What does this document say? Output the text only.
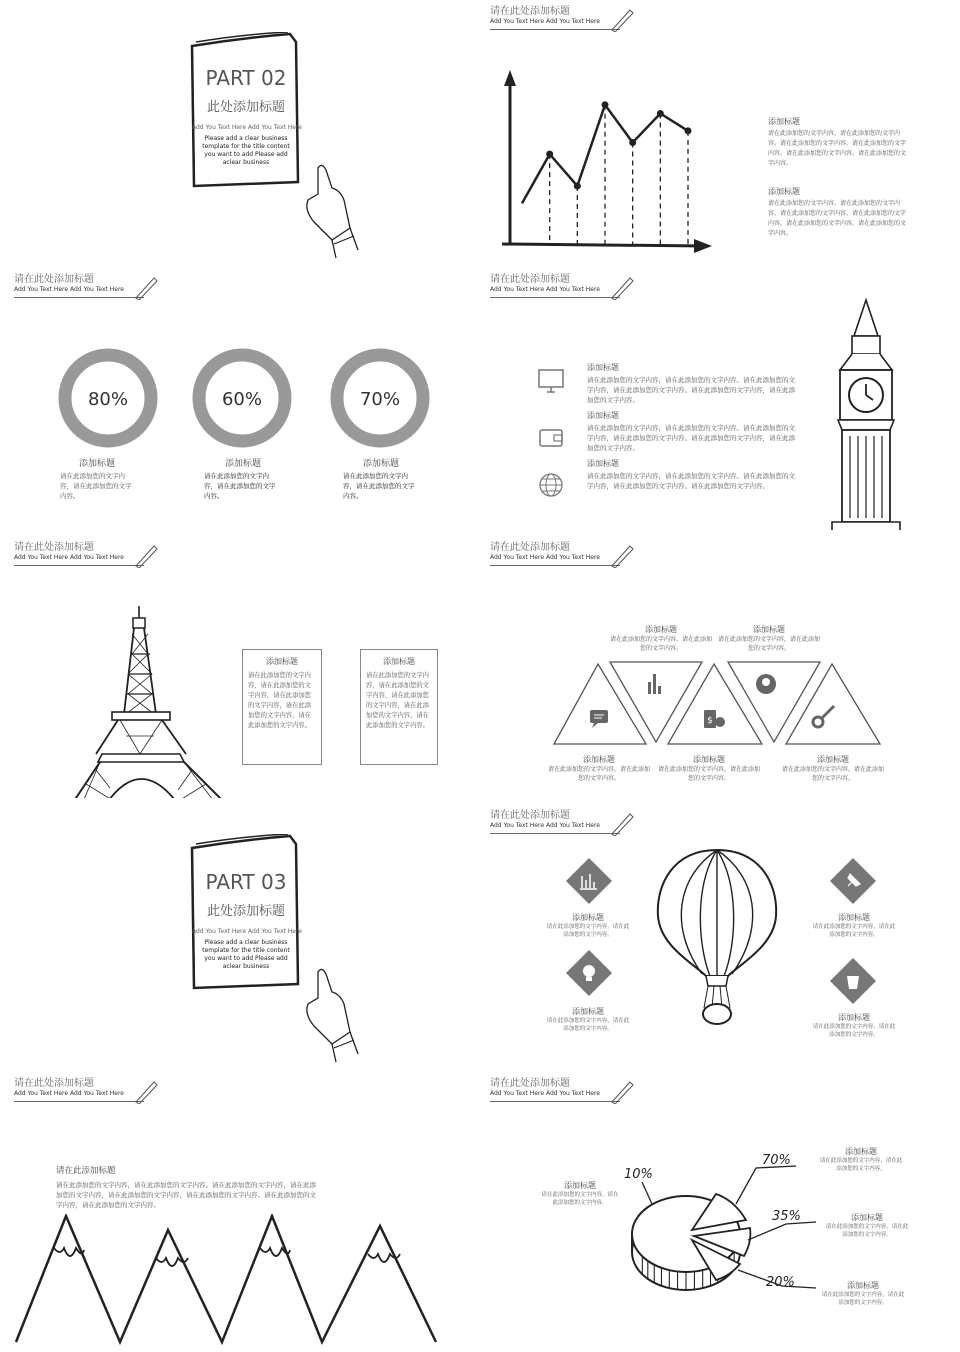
PART 02
此处添加标题
Add You Text Here Add You Text Here
Please add a clear business template for the title content you want to add Please add aclear business
请在此处添加标题
Add You Text Here Add You Text Here
添加标题
请在此添加您的文字内容，请在此添加您的文字内容。请在此添加您的文字内容，请在此添加您的文字内容，请在此添加您的文字内容，请在此添加您的文字内容。
添加标题
请在此添加您的文字内容，请在此添加您的文字内容，请在此添加您的文字内容，请在此添加您的文字内容，请在此添加您的文字内容，请在此添加您的文字内容。
请在此处添加标题
Add You Text Here Add You Text Here
80%	60%	70%
添加标题
请在此添加您的文字内容，请在此添加您的文字内容。
添加标题
请在此添加您的文字内容，请在此添加您的文字内容。
添加标题
请在此添加您的文字内容，请在此添加您的文字内容。
请在此处添加标题
Add You Text Here Add You Text Here
添加标题
请在此添加您的文字内容，请在此添加您的文字内容。请在此添加您的文字内容，请在此添加您的文字内容。请在此添加您的文字内容，请在此添加您的文字内容。
添加标题
请在此添加您的文字内容，请在此添加您的文字内容。请在此添加您的文字内容，请在此添加您的文字内容。请在此添加您的文字内容，请在此添加您的文字内容。
添加标题
请在此添加您的文字内容，请在此添加您的文字内容。请在此添加您的文字内容，请在此添加您的文字内容。请在此添加您的文字内容。
请在此处添加标题
Add You Text Here Add You Text Here
添加标题
请在此添加您的文字内容，请在此添加您的文字内容，请在此添加您的文字内容，请在此添加您的文字内容，请在此添加您的文字内容。
添加标题
请在此添加您的文字内容，请在此添加您的文字内容，请在此添加您的文字内容，请在此添加您的文字内容，请在此添加您的文字内容。
请在此处添加标题
Add You Text Here Add You Text Here
添加标题
请在此添加您的文字内容，请在此添加您的文字内容。
添加标题
请在此添加您的文字内容，请在此添加您的文字内容。
$
添加标题
请在此添加您的文字内容，请在此添加您的文字内容。
添加标题
请在此添加您的文字内容，请在此添加您的文字内容。
添加标题
请在此添加您的文字内容，请在此添加您的文字内容。
PART 03
此处添加标题
Add You Text Here Add You Text Here
Please add a clear business template for the title content you want to add Please add aclear business
请在此处添加标题
Add You Text Here Add You Text Here
添加标题
请在此添加您的文字内容，请在此添加您的文字内容。
添加标题
请在此添加您的文字内容，请在此添加您的文字内容。
添加标题
请在此添加您的文字内容，请在此添加您的文字内容。
添加标题
请在此添加您的文字内容，请在此添加您的文字内容。
请在此处添加标题
Add You Text Here Add You Text Here
请在此添加标题
请在此添加您的文字内容，请在此添加您的文字内容。请在此添加您的文字内容，请在此添加您的文字内容，请在此添加您的文字内容，请在此添加您的文字内容。请在此添加您的文字内容，请在此添加您的文字内容。
请在此处添加标题
Add You Text Here Add You Text Here
添加标题
请在此添加您的文字内容，请在此添加您的文字内容。
添加标题
请在此添加您的文字内容，请在此添加您的文字内容。
添加标题
请在此添加您的文字内容，请在此添加您的文字内容。
添加标题
请在此添加您的文字内容，请在此添加您的文字内容。
10%
70%
35%
20%
